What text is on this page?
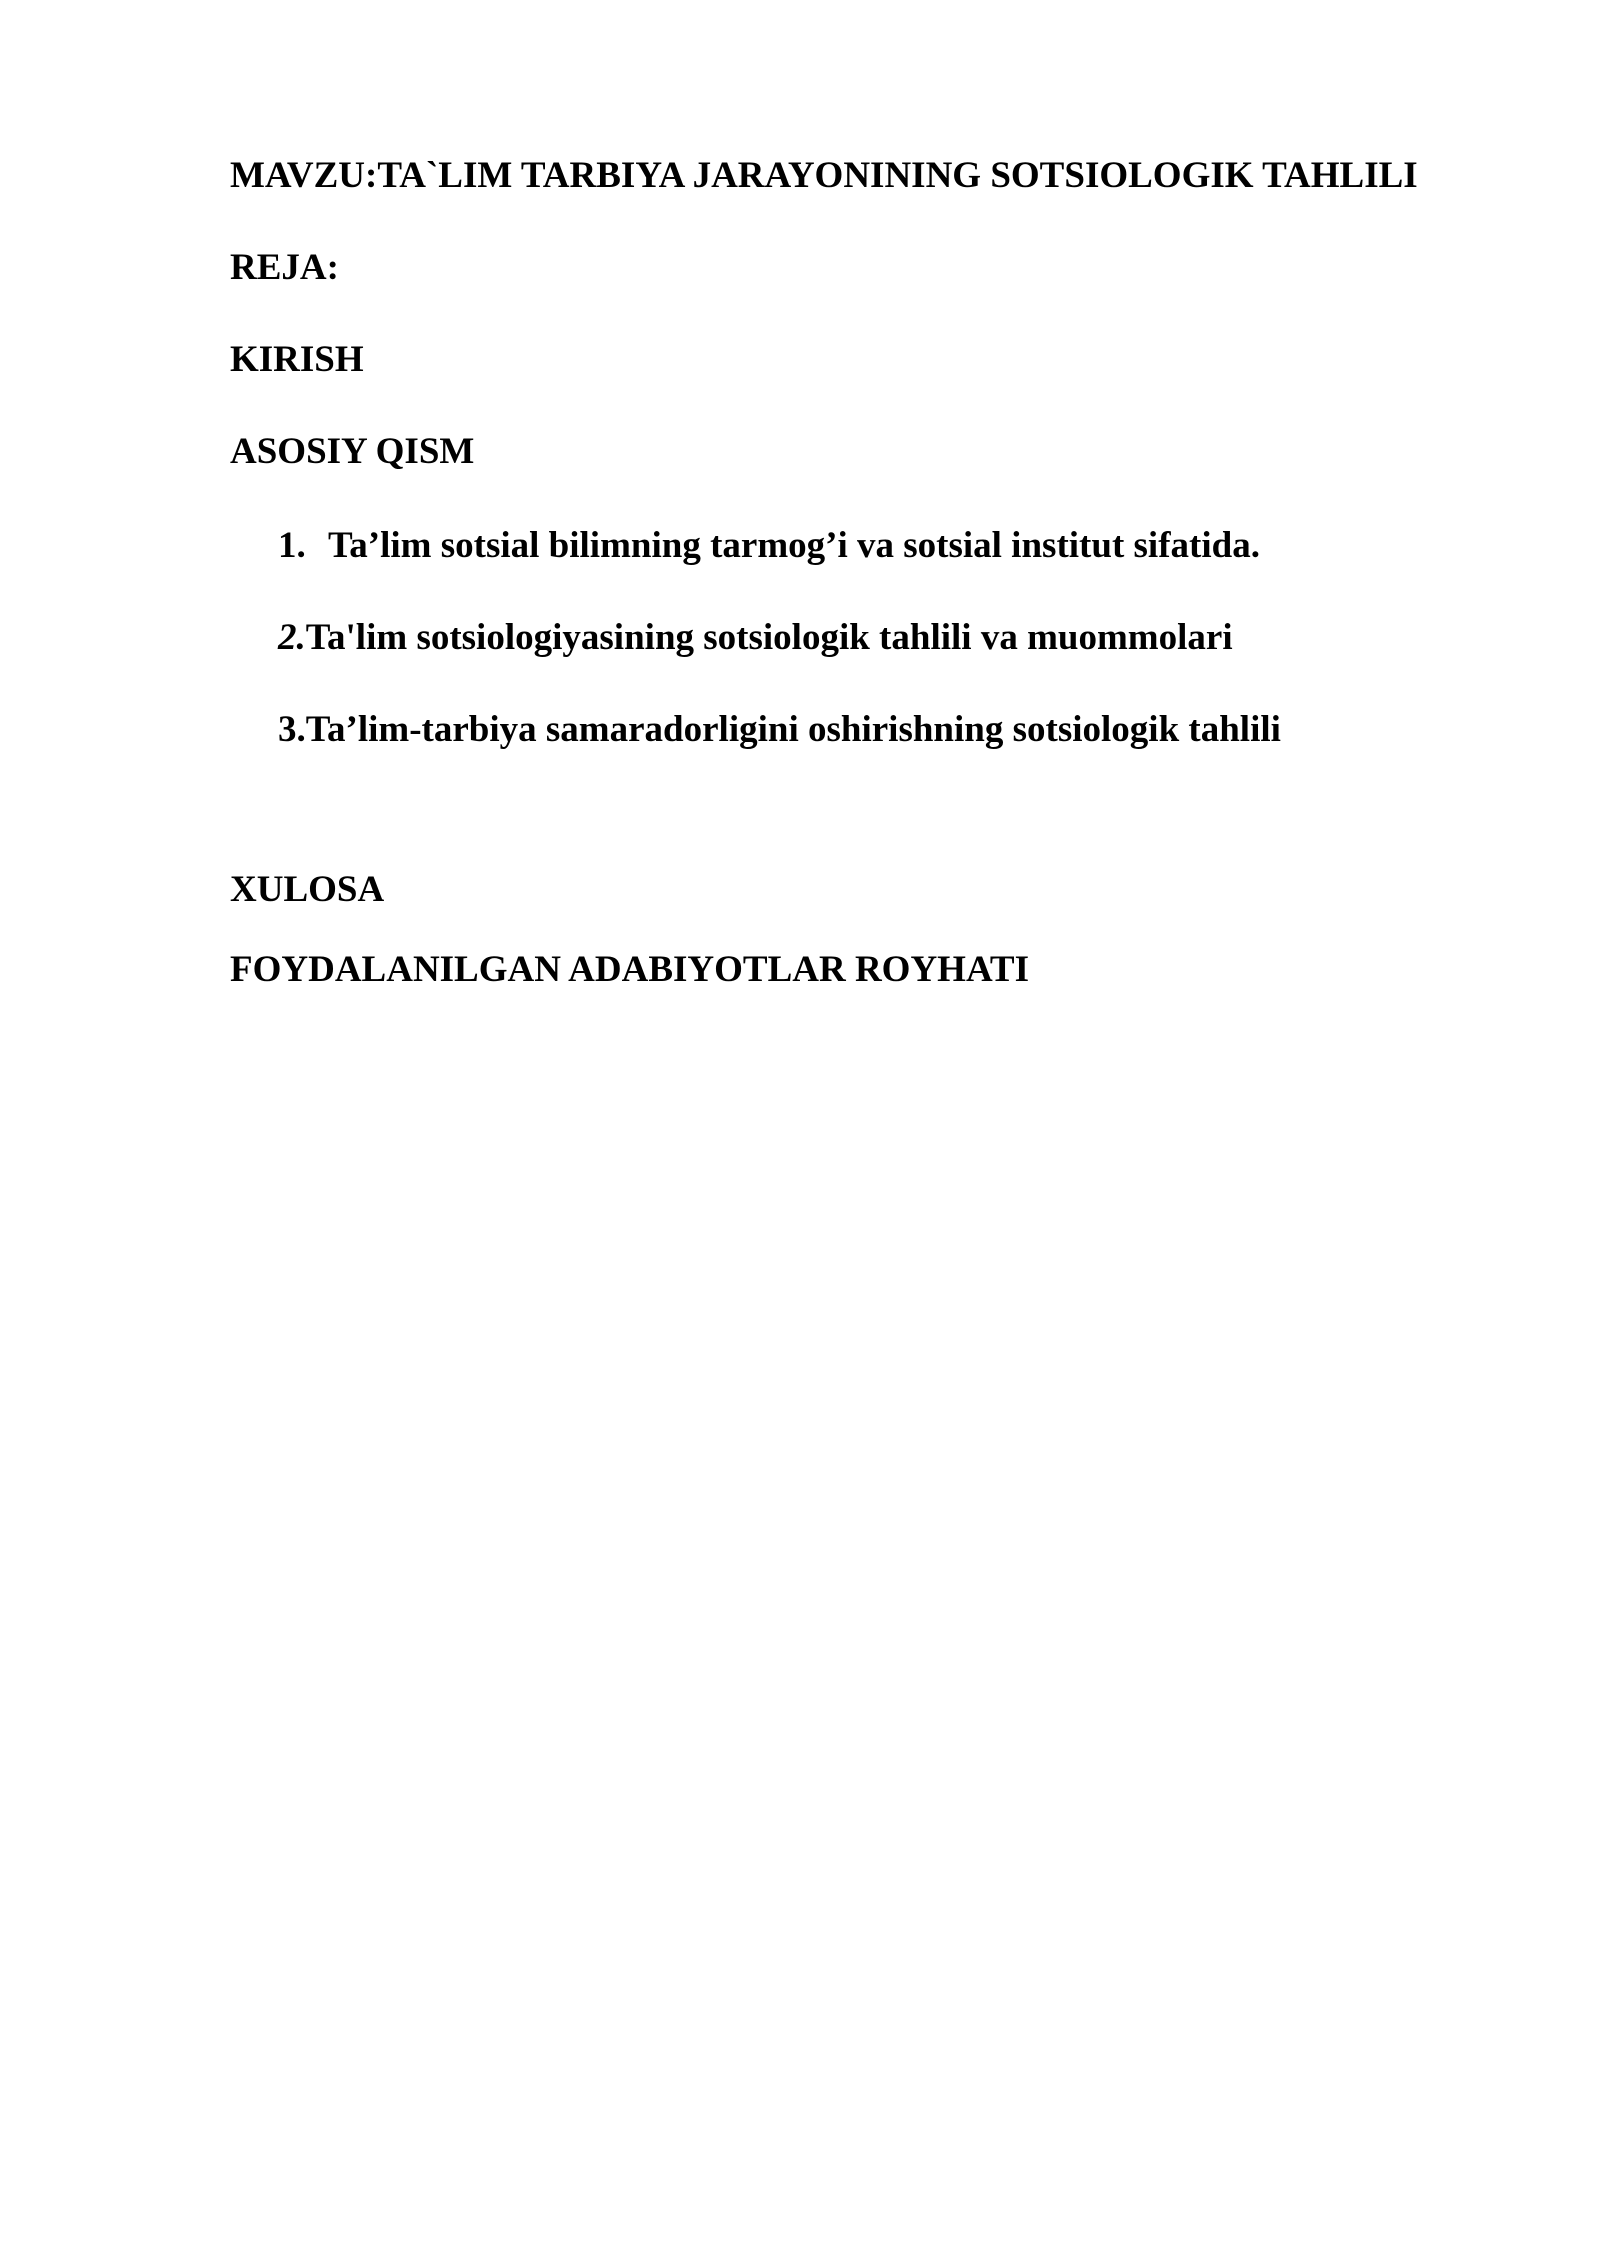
MAVZU:TA`LIM TARBIYA JARAYONINING SOTSIOLOGIK TAHLILI
REJA:
KIRISH
ASOSIY QISM
1. Ta’lim sotsial bilimning tarmog’i va sotsial institut sifatida.
2.Ta'lim sotsiologiyasining sotsiologik tahlili va muommolari
3.Ta’lim-tarbiya samaradorligini oshirishning sotsiologik tahlili
XULOSA
FOYDALANILGAN ADABIYOTLAR ROYHATI
